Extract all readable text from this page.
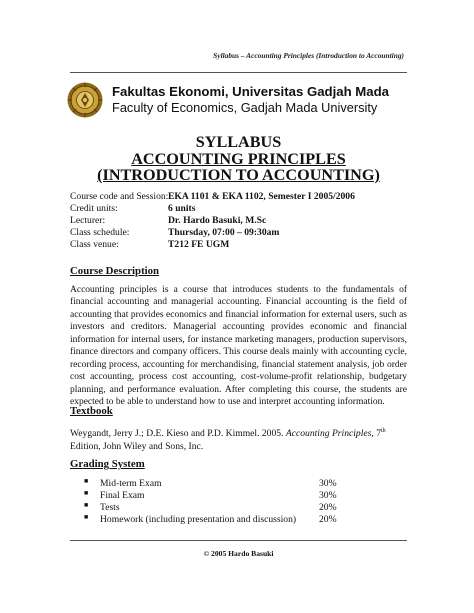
Syllabus – Accounting Principles (Introduction to Accounting)
Fakultas Ekonomi, Universitas Gadjah Mada
Faculty of Economics, Gadjah Mada University
SYLLABUS
ACCOUNTING PRINCIPLES
(INTRODUCTION TO ACCOUNTING)
Course code and Session: EKA 1101 & EKA 1102, Semester I 2005/2006
Credit units:	6 units
Lecturer:	Dr. Hardo Basuki, M.Sc
Class schedule:	Thursday, 07:00 – 09:30am
Class venue:	T212 FE UGM
Course Description
Accounting principles is a course that introduces students to the fundamentals of financial accounting and managerial accounting. Financial accounting is the field of accounting that provides economics and financial information for external users, such as investors and creditors. Managerial accounting provides economic and financial information for internal users, for instance marketing managers, production supervisors, finance directors and company officers. This course deals mainly with accounting cycle, recording process, accounting for merchandising, financial statement analysis, job order cost accounting, process cost accounting, cost-volume-profit relationship, budgetary planning, and performance evaluation. After completing this course, the students are expected to be able to understand how to use and interpret accounting information.
Textbook
Weygandt, Jerry J.; D.E. Kieso and P.D. Kimmel. 2005. Accounting Principles, 7th Edition, John Wiley and Sons, Inc.
Grading System
■ Mid-term Exam	30%
■ Final Exam	30%
■ Tests	20%
■ Homework (including presentation and discussion) 20%
© 2005 Hardo Basuki
